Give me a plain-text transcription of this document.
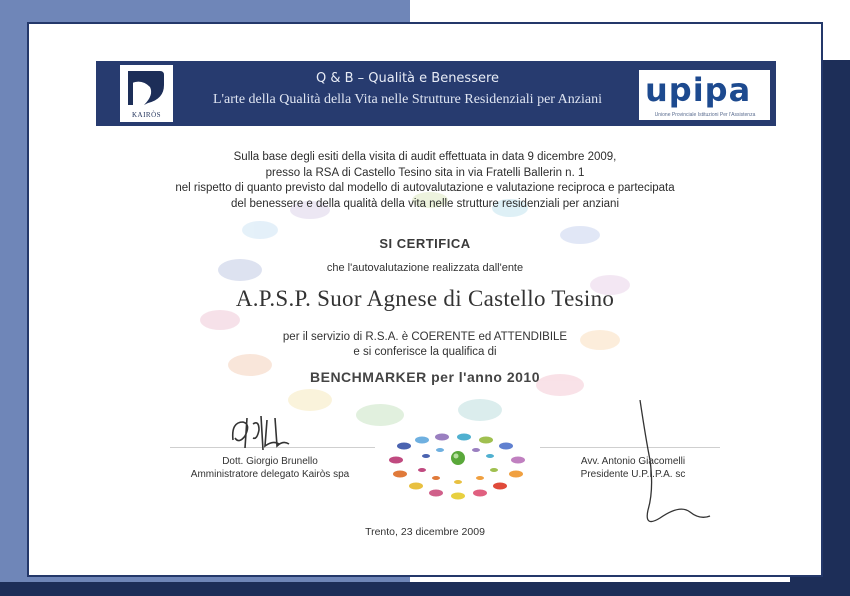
KAIRÒS
Q & B – Qualità e Benessere
L'arte della Qualità della Vita nelle Strutture Residenziali per Anziani	upipa
Unione Provinciale Istituzioni Per l'Assistenza
Sulla base degli esiti della visita di audit effettuata in data 9 dicembre 2009,
presso la RSA di Castello Tesino sita in via Fratelli Ballerin n. 1
nel rispetto di quanto previsto dal modello di autovalutazione e valutazione reciproca e partecipata
del benessere e della qualità della vita nelle strutture residenziali per anziani
SI CERTIFICA
che l'autovalutazione realizzata dall'ente
A.P.S.P. Suor Agnese di Castello Tesino
per il servizio di R.S.A. è COERENTE ed ATTENDIBILE
e si conferisce la qualifica di
BENCHMARKER per l'anno 2010
Dott. Giorgio Brunello
Amministratore delegato Kairòs spa
Avv. Antonio Giacomelli
Presidente U.P.I.P.A. sc
Trento, 23 dicembre 2009
